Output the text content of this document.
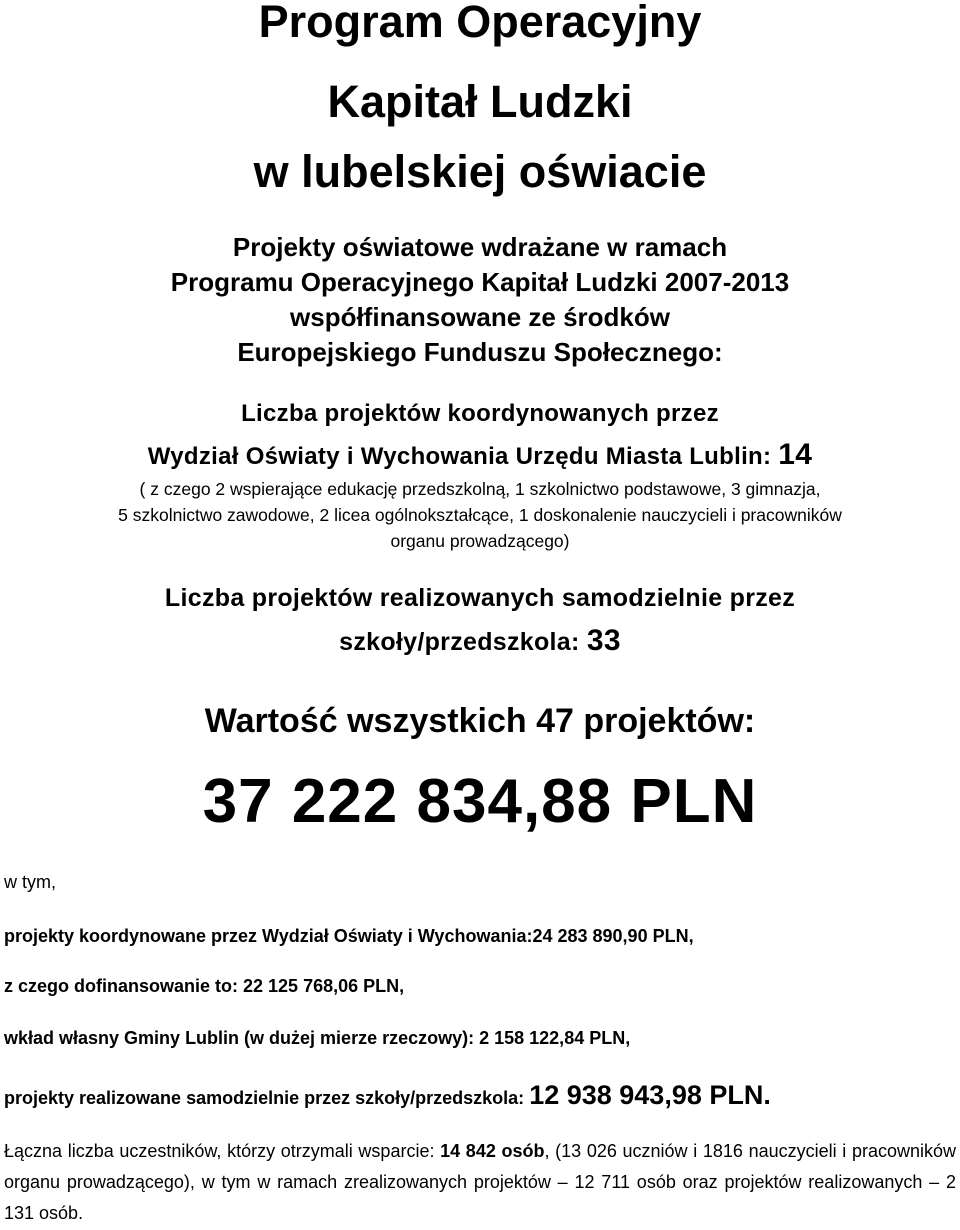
Program Operacyjny
Kapitał Ludzki
w lubelskiej oświacie
Projekty oświatowe wdrażane w ramach
Programu Operacyjnego Kapitał Ludzki 2007-2013
współfinansowane ze środków
Europejskiego Funduszu Społecznego:
Liczba projektów koordynowanych przez
Wydział Oświaty i Wychowania Urzędu Miasta Lublin: 14
( z czego 2 wspierające edukację przedszkolną, 1 szkolnictwo podstawowe, 3 gimnazja,
5 szkolnictwo zawodowe, 2 licea ogólnokształcące, 1 doskonalenie nauczycieli i pracowników
organu prowadzącego)
Liczba projektów realizowanych samodzielnie przez
szkoły/przedszkola: 33
Wartość wszystkich 47 projektów:
37 222 834,88 PLN
w tym,
projekty koordynowane przez Wydział Oświaty i Wychowania:24 283 890,90 PLN,
z czego dofinansowanie to: 22 125 768,06 PLN,
wkład własny Gminy Lublin (w dużej mierze rzeczowy): 2 158 122,84 PLN,
projekty realizowane samodzielnie przez szkoły/przedszkola: 12 938 943,98 PLN.
Łączna liczba uczestników, którzy otrzymali wsparcie: 14 842 osób, (13 026 uczniów i 1816 nauczycieli i pracowników organu prowadzącego), w tym w ramach zrealizowanych projektów – 12 711 osób oraz projektów realizowanych – 2 131 osób.
